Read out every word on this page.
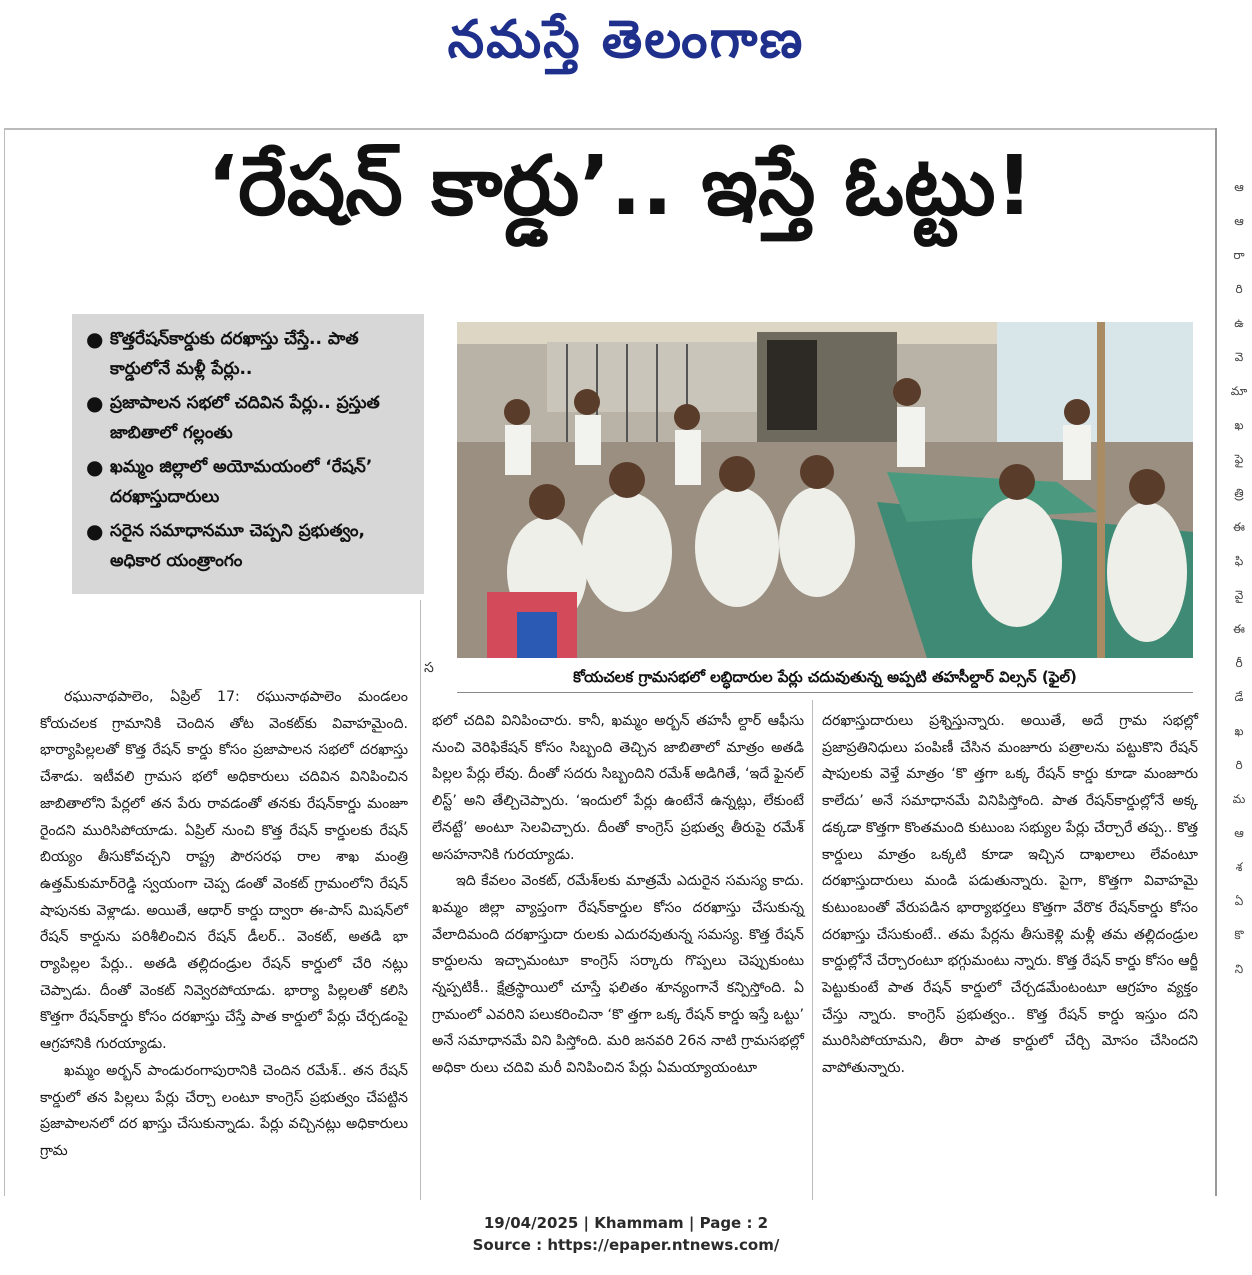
నమస్తే తెలంగాణ
‘రేషన్ కార్డు’.. ఇస్తే ఓట్టు!
● కొత్తరేషన్‌కార్డుకు దరఖాస్తు చేస్తే.. పాత కార్డులోనే మళ్లీ పేర్లు..
● ప్రజాపాలన సభలో చదివిన పేర్లు.. ప్రస్తుత జాబితాలో గల్లంతు
● ఖమ్మం జిల్లాలో అయోమయంలో ‘రేషన్’ దరఖాస్తుదారులు
● సరైన సమాధానమూ చెప్పని ప్రభుత్వం, అధికార యంత్రాంగం
స	కోయచలక గ్రామసభలో లబ్ధిదారుల పేర్లు చదువుతున్న అప్పటి తహసీల్దార్ విల్సన్ (ఫైల్)

రఘునాథపాలెం, ఏప్రిల్ 17: రఘునాథపాలెం మండలం కోయచలక గ్రామానికి చెందిన తోట వెంకట్‌కు వివాహమైంది. భార్యాపిల్లలతో కొత్త రేషన్ కార్డు కోసం ప్రజాపాలన సభలో దరఖాస్తు చేశాడు. ఇటీవలి గ్రామస భలో అధికారులు చదివిన వినిపించిన జాబితాలోని పేర్లలో తన పేరు రావడంతో తనకు రేషన్‌కార్డు మంజూ రైందని మురిసిపోయాడు. ఏప్రిల్ నుంచి కొత్త రేషన్ కార్డులకు రేషన్ బియ్యం తీసుకోవచ్చని రాష్ట్ర పౌరసరఫ రాల శాఖ మంత్రి ఉత్తమ్‌కుమార్‌రెడ్డి స్వయంగా చెప్ప డంతో వెంకట్ గ్రామంలోని రేషన్ షాపునకు వెళ్లాడు. అయితే, ఆధార్ కార్డు ద్వారా ఈ-పాస్ మిషన్‌లో రేషన్ కార్డును పరిశీలించిన రేషన్ డీలర్.. వెంకట్, అతడి భా ర్యాపిల్లల పేర్లు.. అతడి తల్లిదండ్రుల రేషన్ కార్డులో చేరి నట్లు చెప్పాడు. దీంతో వెంకట్ నివ్వెరపోయాడు. భార్యా పిల్లలతో కలిసి కొత్తగా రేషన్‌కార్డు కోసం దరఖాస్తు చేస్తే పాత కార్డులో పేర్లు చేర్చడంపై ఆగ్రహానికి గురయ్యాడు.

ఖమ్మం అర్బన్ పాండురంగాపురానికి చెందిన రమేశ్.. తన రేషన్ కార్డులో తన పిల్లలు పేర్లు చేర్చా లంటూ కాంగ్రెస్ ప్రభుత్వం చేపట్టిన ప్రజాపాలనలో దర ఖాస్తు చేసుకున్నాడు. పేర్లు వచ్చినట్లు అధికారులు గ్రామ

భలో చదివి వినిపించారు. కానీ, ఖమ్మం అర్బన్ తహసీ ల్దార్ ఆఫీసు నుంచి వెరిఫికేషన్ కోసం సిబ్బంది తెచ్చిన జాబితాలో మాత్రం అతడి పిల్లల పేర్లు లేవు. దీంతో సదరు సిబ్బందిని రమేశ్ అడిగితే, ‘ఇదే ఫైనల్ లిస్ట్’ అని తేల్చిచెప్పారు. ‘ఇందులో పేర్లు ఉంటేనే ఉన్నట్లు, లేకుంటే లేనట్టే’ అంటూ సెలవిచ్చారు. దీంతో కాంగ్రెస్ ప్రభుత్వ తీరుపై రమేశ్ అసహనానికి గురయ్యాడు.

ఇది కేవలం వెంకట్, రమేశ్‌లకు మాత్రమే ఎదురైన సమస్య కాదు. ఖమ్మం జిల్లా వ్యాప్తంగా రేషన్‌కార్డుల కోసం దరఖాస్తు చేసుకున్న వేలాదిమంది దరఖాస్తుదా రులకు ఎదురవుతున్న సమస్య. కొత్త రేషన్ కార్డులను ఇచ్చామంటూ కాంగ్రెస్ సర్కారు గొప్పలు చెప్పుకుంటు న్నప్పటికీ.. క్షేత్రస్థాయిలో చూస్తే ఫలితం శూన్యంగానే కన్పిస్తోంది. ఏ గ్రామంలో ఎవరిని పలుకరించినా ‘కొ త్తగా ఒక్క రేషన్ కార్డు ఇస్తే ఒట్టు’ అనే సమాధానమే విని పిస్తోంది. మరి జనవరి 26న నాటి గ్రామసభల్లో అధికా రులు చదివి మరీ వినిపించిన పేర్లు ఏమయ్యాయంటూ

దరఖాస్తుదారులు ప్రశ్నిస్తున్నారు. అయితే, అదే గ్రామ సభల్లో ప్రజాప్రతినిధులు పంపిణీ చేసిన మంజూరు పత్రాలను పట్టుకొని రేషన్ షాపులకు వెళ్తే మాత్రం ‘కొ త్తగా ఒక్క రేషన్ కార్డు కూడా మంజూరు కాలేదు’ అనే సమాధానమే వినిపిస్తోంది. పాత రేషన్‌కార్డుల్లోనే అక్క డక్కడా కొత్తగా కొంతమంది కుటుంబ సభ్యుల పేర్లు చేర్చారే తప్ప.. కొత్త కార్డులు మాత్రం ఒక్కటి కూడా ఇచ్చిన దాఖలాలు లేవంటూ దరఖాస్తుదారులు మండి పడుతున్నారు. పైగా, కొత్తగా వివాహమై కుటుంబంతో వేరుపడిన భార్యాభర్తలు కొత్తగా వేరొక రేషన్‌కార్డు కోసం దరఖాస్తు చేసుకుంటే.. తమ పేర్లను తీసుకెళ్లి మళ్లీ తమ తల్లిదండ్రుల కార్డుల్లోనే చేర్చారంటూ భగ్గుమంటు న్నారు. కొత్త రేషన్ కార్డు కోసం ఆర్జీ పెట్టుకుంటే పాత రేషన్ కార్డులో చేర్చడమేంటంటూ ఆగ్రహం వ్యక్తం చేస్తు న్నారు. కాంగ్రెస్ ప్రభుత్వం.. కొత్త రేషన్ కార్డు ఇస్తుం దని మురిసిపోయామని, తీరా పాత కార్డులో చేర్చి మోసం చేసిందని వాపోతున్నారు.

ఆ
ఆ
రా
రి
ఉ
వె
మా
ఖ
ఫై
త్రి
ఈ
ఫి
వై
ఈ
రీ
డే
ఖ
రి
మ
ఆ
శ
ఏ
కొ
ని
19/04/2025 | Khammam | Page : 2
Source : https://epaper.ntnews.com/
